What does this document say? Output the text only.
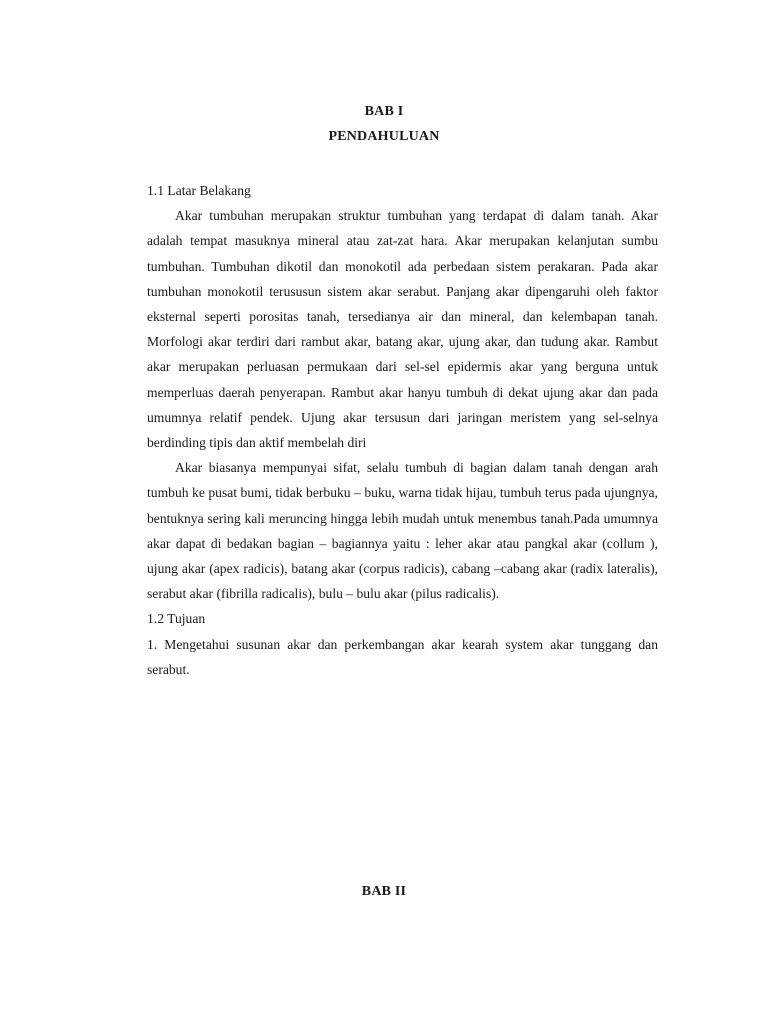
BAB I
PENDAHULUAN

1.1 Latar Belakang

Akar tumbuhan merupakan struktur tumbuhan yang terdapat di dalam tanah. Akar adalah tempat masuknya mineral atau zat-zat hara. Akar merupakan kelanjutan sumbu tumbuhan. Tumbuhan dikotil dan monokotil ada perbedaan sistem perakaran. Pada akar tumbuhan monokotil terususun sistem akar serabut. Panjang akar dipengaruhi oleh faktor eksternal seperti porositas tanah, tersedianya air dan mineral, dan kelembapan tanah. Morfologi akar terdiri dari rambut akar, batang akar, ujung akar, dan tudung akar. Rambut akar merupakan perluasan permukaan dari sel-sel epidermis akar yang berguna untuk memperluas daerah penyerapan. Rambut akar hanyu tumbuh di dekat ujung akar dan pada umumnya relatif pendek. Ujung akar tersusun dari jaringan meristem yang sel-selnya berdinding tipis dan aktif membelah diri

Akar biasanya mempunyai sifat, selalu tumbuh di bagian dalam tanah dengan arah tumbuh ke pusat bumi, tidak berbuku – buku, warna tidak hijau, tumbuh terus pada ujungnya, bentuknya sering kali meruncing hingga lebih mudah untuk menembus tanah.Pada umumnya akar dapat di bedakan bagian – bagiannya yaitu : leher akar atau pangkal akar (collum ), ujung akar (apex radicis), batang akar (corpus radicis), cabang –cabang akar (radix lateralis), serabut akar (fibrilla radicalis), bulu – bulu akar (pilus radicalis).

1.2 Tujuan

1. Mengetahui susunan akar dan perkembangan akar kearah system akar tunggang dan serabut.

BAB II
